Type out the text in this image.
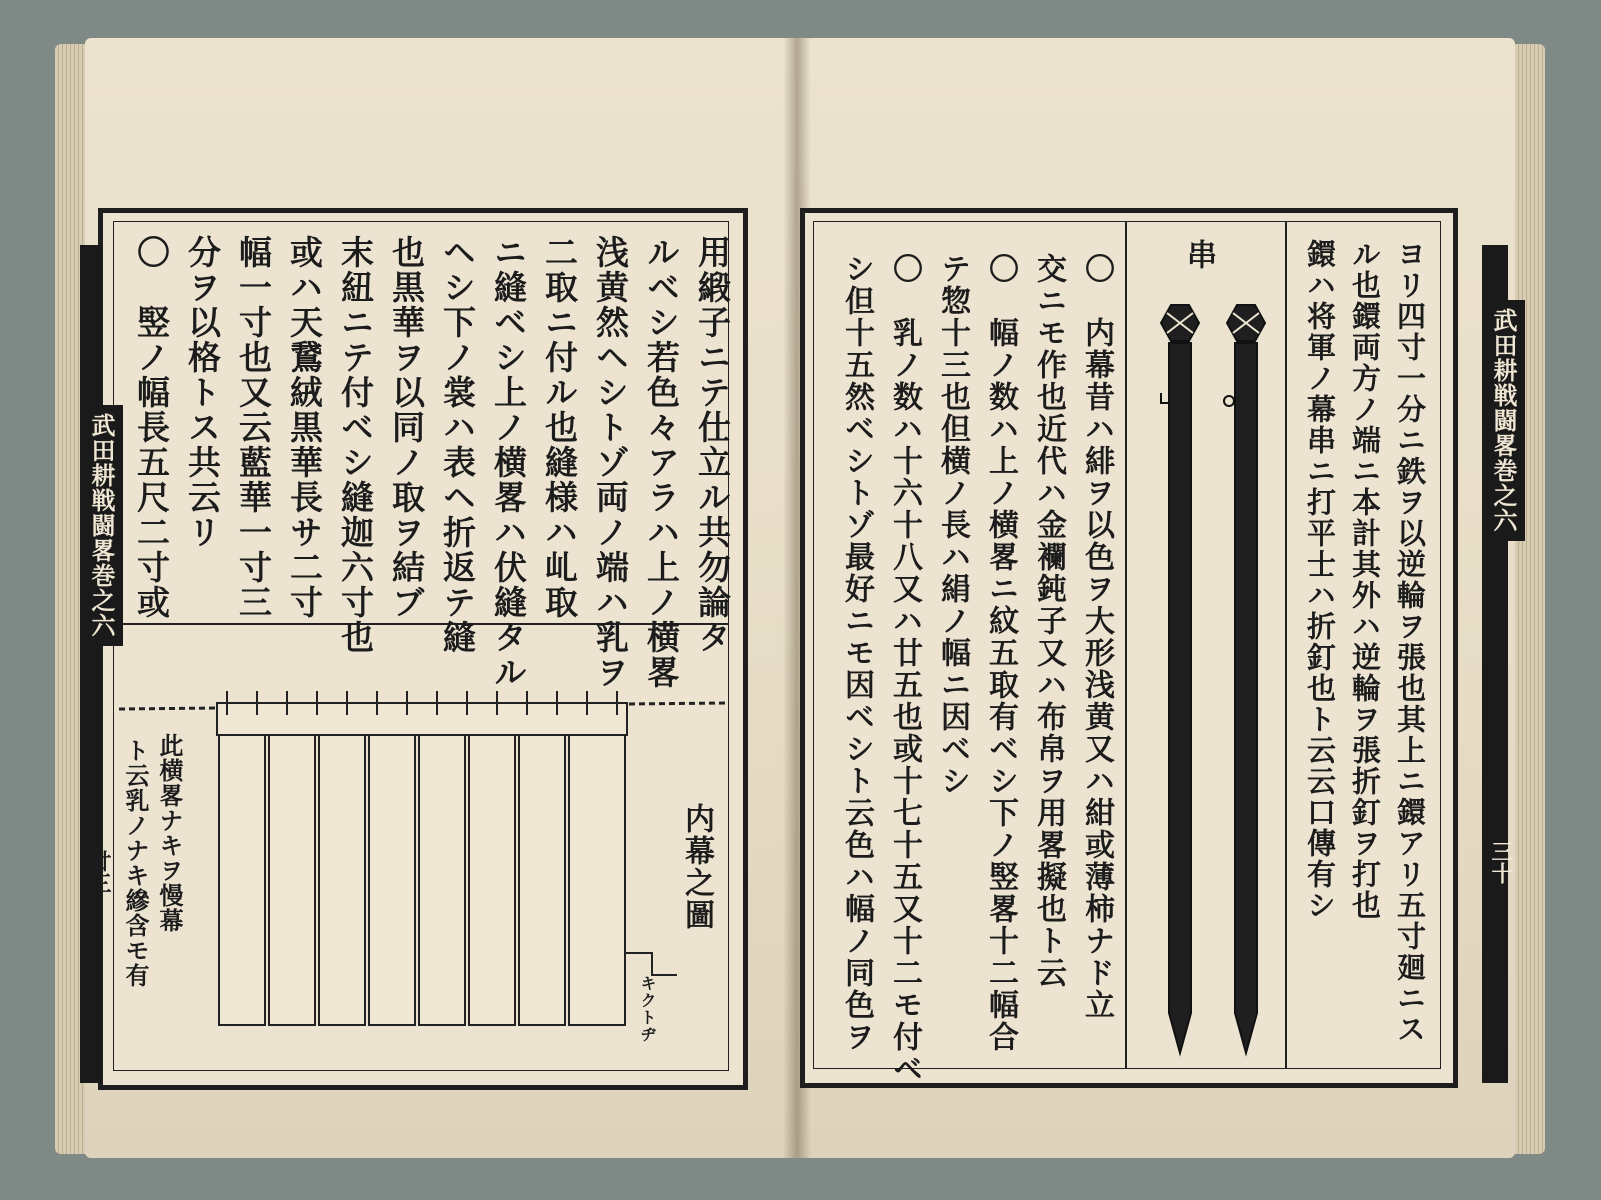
用緞子ニテ仕立ル共勿論タ
ルベシ若色々アラハ上ノ横畧
浅黄然ヘシトゾ両ノ端ハ乳ヲ
二取ニ付ル也縫様ハ乢取
ニ縫ベシ上ノ横畧ハ伏縫タル
ヘシ下ノ裳ハ表ヘ折返テ縫
也黒華ヲ以同ノ取ヲ結ブ
末紐ニテ付ベシ縫迦六寸也
或ハ天鵞絨黒華長サ二寸
幅一寸也又云藍華一寸三
分ヲ以格トス共云リ
〇　竪ノ幅長五尺二寸或
内幕之圖
キクトヂ
此横畧ナキヲ慢幕
ト云乳ノナキ縿含モ有
武田耕戦闘畧巻之六
廿三	〇　内幕昔ハ緋ヲ以色ヲ大形浅黄又ハ紺或薄柿ナド立
交ニモ作也近代ハ金襴鈍子又ハ布帛ヲ用畧擬也ト云
〇　幅ノ数ハ上ノ横畧ニ紋五取有ベシ下ノ竪畧十二幅合
テ惣十三也但横ノ長ハ絹ノ幅ニ因ベシ
〇　乳ノ数ハ十六十八又ハ廿五也或十七十五又十二モ付ベ
シ但十五然ベシトゾ最好ニモ因ベシト云色ハ幅ノ同色ヲ	串	ヨリ四寸一分ニ鉄ヲ以逆輪ヲ張也其上ニ鐶アリ五寸廻ニス
ル也鐶両方ノ端ニ本計其外ハ逆輪ヲ張折釘ヲ打也
鐶ハ将軍ノ幕串ニ打平士ハ折釘也ト云云口傳有シ	武田耕戦闘畧巻之六
三十
